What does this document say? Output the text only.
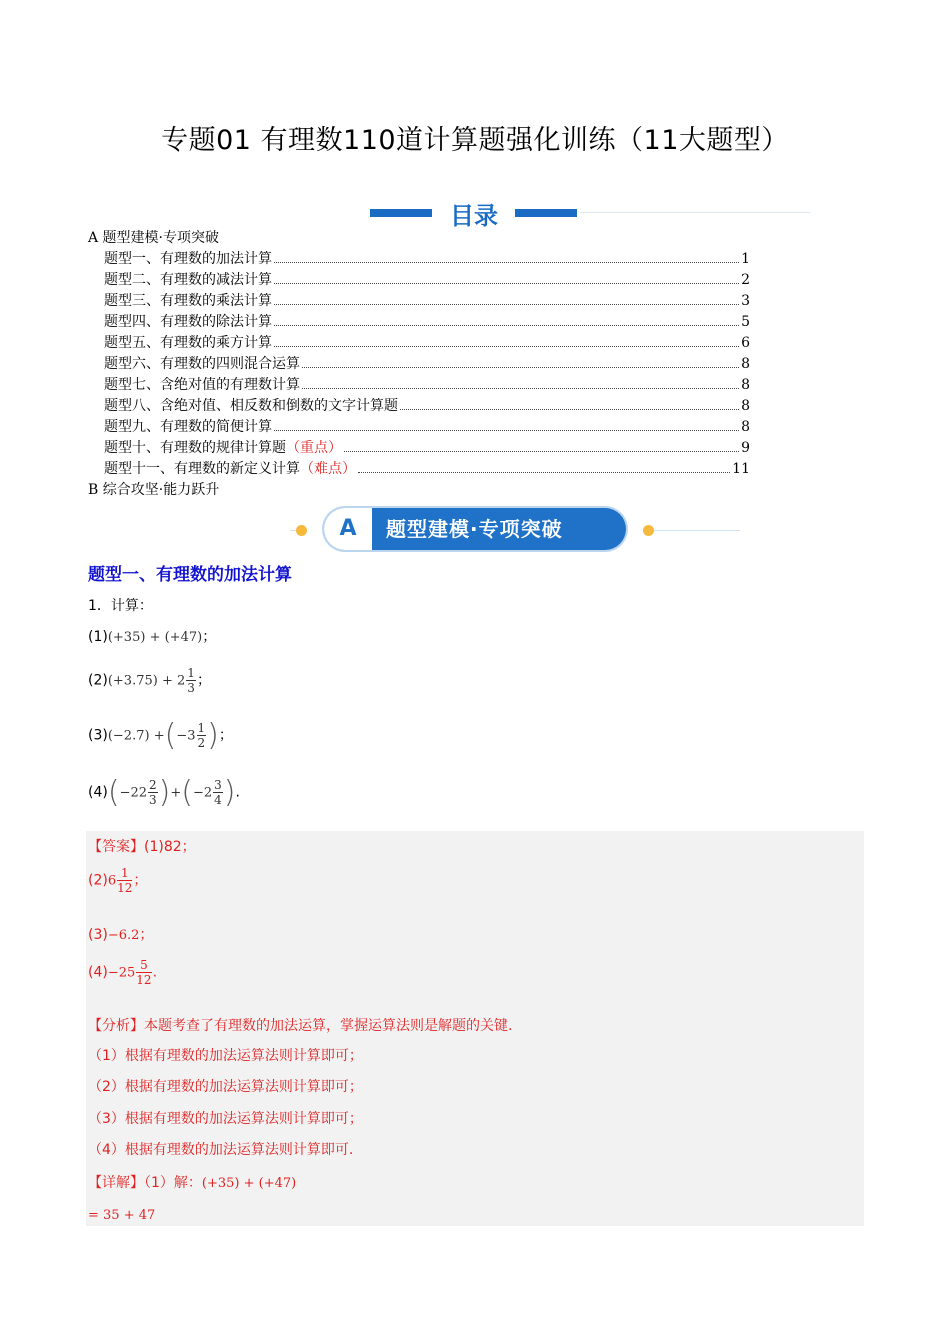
专题01 有理数110道计算题强化训练（11大题型）
目录
A 题型建模·专项突破
题型一、有理数的加法计算	1
题型二、有理数的减法计算	2
题型三、有理数的乘法计算	3
题型四、有理数的除法计算	5
题型五、有理数的乘方计算	6
题型六、有理数的四则混合运算	8
题型七、含绝对值的有理数计算	8
题型八、含绝对值、相反数和倒数的文字计算题	8
题型九、有理数的简便计算	8
题型十、有理数的规律计算题 （重点）	9
题型十一、有理数的新定义计算 （难点）	11
B 综合攻坚·能力跃升
A	题型建模·专项突破
题型一、有理数的加法计算
1．计算：
(1)(+35) + (+47)；
$(2)(+3.75) + 2 \frac{1}{3}$ ；
$(3)(-2.7) +(-3 \frac{1}{2}$ )；
$(4)(-22 \frac{2}{3} )+(-2 \frac{3}{4}$ ).
【答案】(1)82；
$(2)6 \frac{1}{12}$ ；
(3)−6.2；
$(4)-25 \frac{5}{12}$ .
【分析】本题考查了有理数的加法运算，掌握运算法则是解题的关键.
（1）根据有理数的加法运算法则计算即可；
（2）根据有理数的加法运算法则计算即可；
（3）根据有理数的加法运算法则计算即可；
（4）根据有理数的加法运算法则计算即可.
【详解】（1）解：(+35) + (+47)
= 35 + 47
